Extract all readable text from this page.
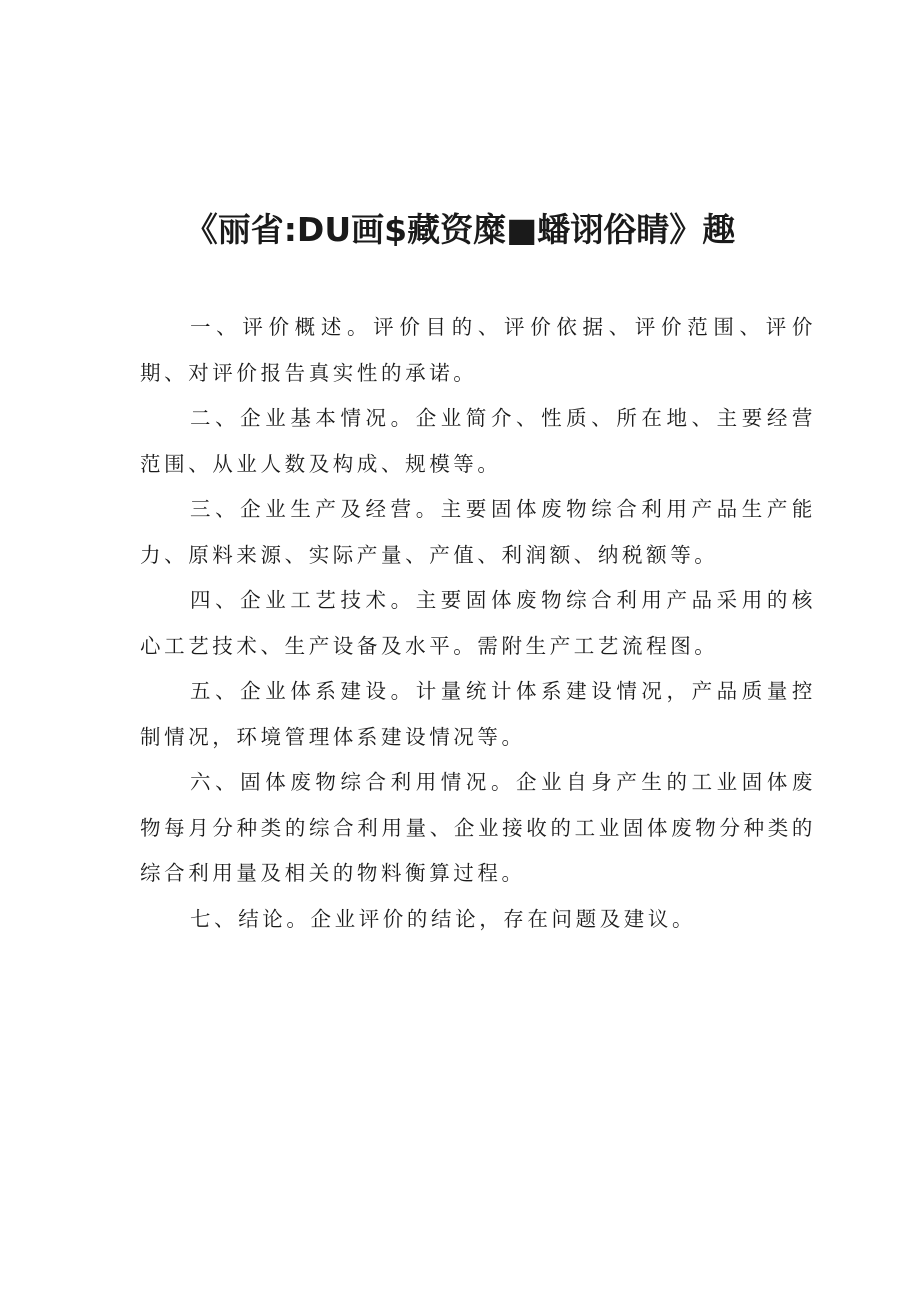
《丽省:DU画$藏资糜■蟠诩俗睛》趣

一、评价概述。评价目的、评价依据、评价范围、评价期、对评价报告真实性的承诺。

二、企业基本情况。企业简介、性质、所在地、主要经营范围、从业人数及构成、规模等。

三、企业生产及经营。主要固体废物综合利用产品生产能力、原料来源、实际产量、产值、利润额、纳税额等。

四、企业工艺技术。主要固体废物综合利用产品采用的核心工艺技术、生产设备及水平。需附生产工艺流程图。

五、企业体系建设。计量统计体系建设情况，产品质量控制情况，环境管理体系建设情况等。

六、固体废物综合利用情况。企业自身产生的工业固体废物每月分种类的综合利用量、企业接收的工业固体废物分种类的综合利用量及相关的物料衡算过程。

七、结论。企业评价的结论，存在问题及建议。
